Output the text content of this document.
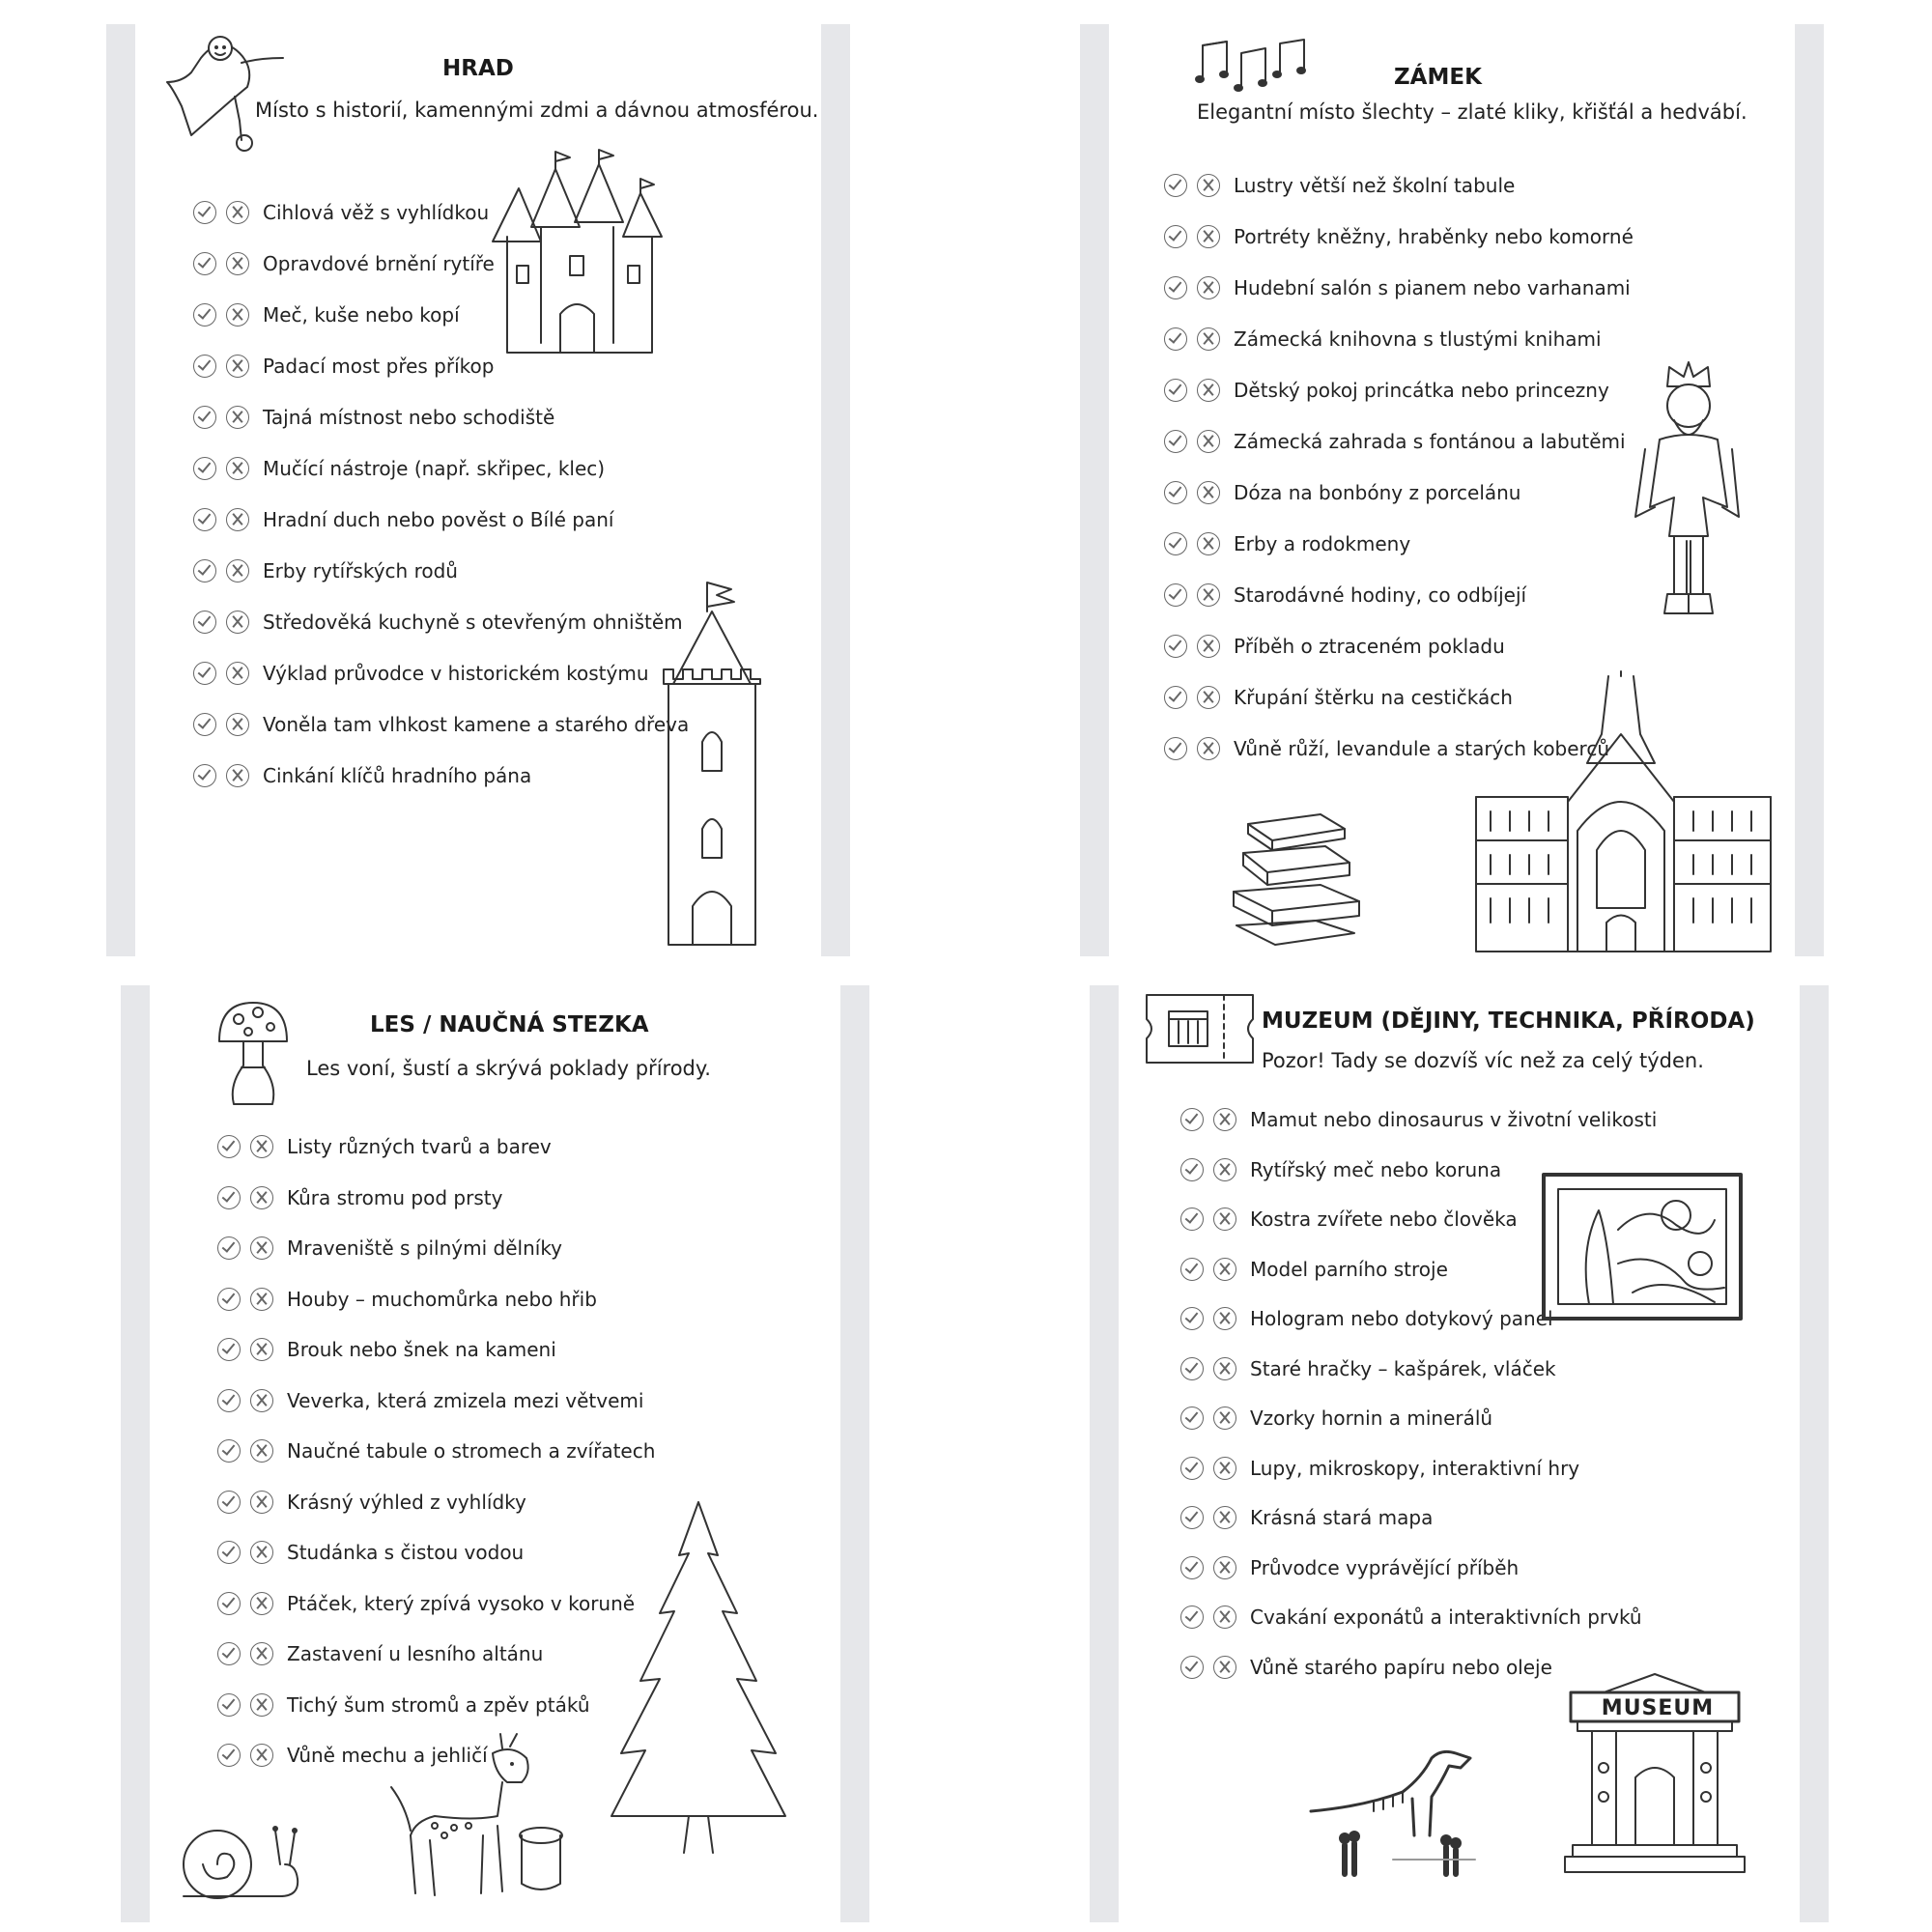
HRAD
Místo s historií, kamennými zdmi a dávnou atmosférou.
Cihlová věž s vyhlídkou
Opravdové brnění rytíře
Meč, kuše nebo kopí
Padací most přes příkop
Tajná místnost nebo schodiště
Mučící nástroje (např. skřipec, klec)
Hradní duch nebo pověst o Bílé paní
Erby rytířských rodů
Středověká kuchyně s otevřeným ohništěm
Výklad průvodce v historickém kostýmu
Voněla tam vlhkost kamene a starého dřeva
Cinkání klíčů hradního pána
ZÁMEK
Elegantní místo šlechty – zlaté kliky, křišťál a hedvábí.
Lustry větší než školní tabule
Portréty kněžny, hraběnky nebo komorné
Hudební salón s pianem nebo varhanami
Zámecká knihovna s tlustými knihami
Dětský pokoj princátka nebo princezny
Zámecká zahrada s fontánou a labutěmi
Dóza na bonbóny z porcelánu
Erby a rodokmeny
Starodávné hodiny, co odbíjejí
Příběh o ztraceném pokladu
Křupání štěrku na cestičkách
Vůně růží, levandule a starých koberců
LES / NAUČNÁ STEZKA
Les voní, šustí a skrývá poklady přírody.
Listy různých tvarů a barev
Kůra stromu pod prsty
Mraveniště s pilnými dělníky
Houby – muchomůrka nebo hřib
Brouk nebo šnek na kameni
Veverka, která zmizela mezi větvemi
Naučné tabule o stromech a zvířatech
Krásný výhled z vyhlídky
Studánka s čistou vodou
Ptáček, který zpívá vysoko v koruně
Zastavení u lesního altánu
Tichý šum stromů a zpěv ptáků
Vůně mechu a jehličí
MUZEUM (DĚJINY, TECHNIKA, PŘÍRODA)
Pozor! Tady se dozvíš víc než za celý týden.
Mamut nebo dinosaurus v životní velikosti
Rytířský meč nebo koruna
Kostra zvířete nebo člověka
Model parního stroje
Hologram nebo dotykový panel
Staré hračky – kašpárek, vláček
Vzorky hornin a minerálů
Lupy, mikroskopy, interaktivní hry
Krásná stará mapa
Průvodce vyprávějící příběh
Cvakání exponátů a interaktivních prvků
Vůně starého papíru nebo oleje
MUSEUM
